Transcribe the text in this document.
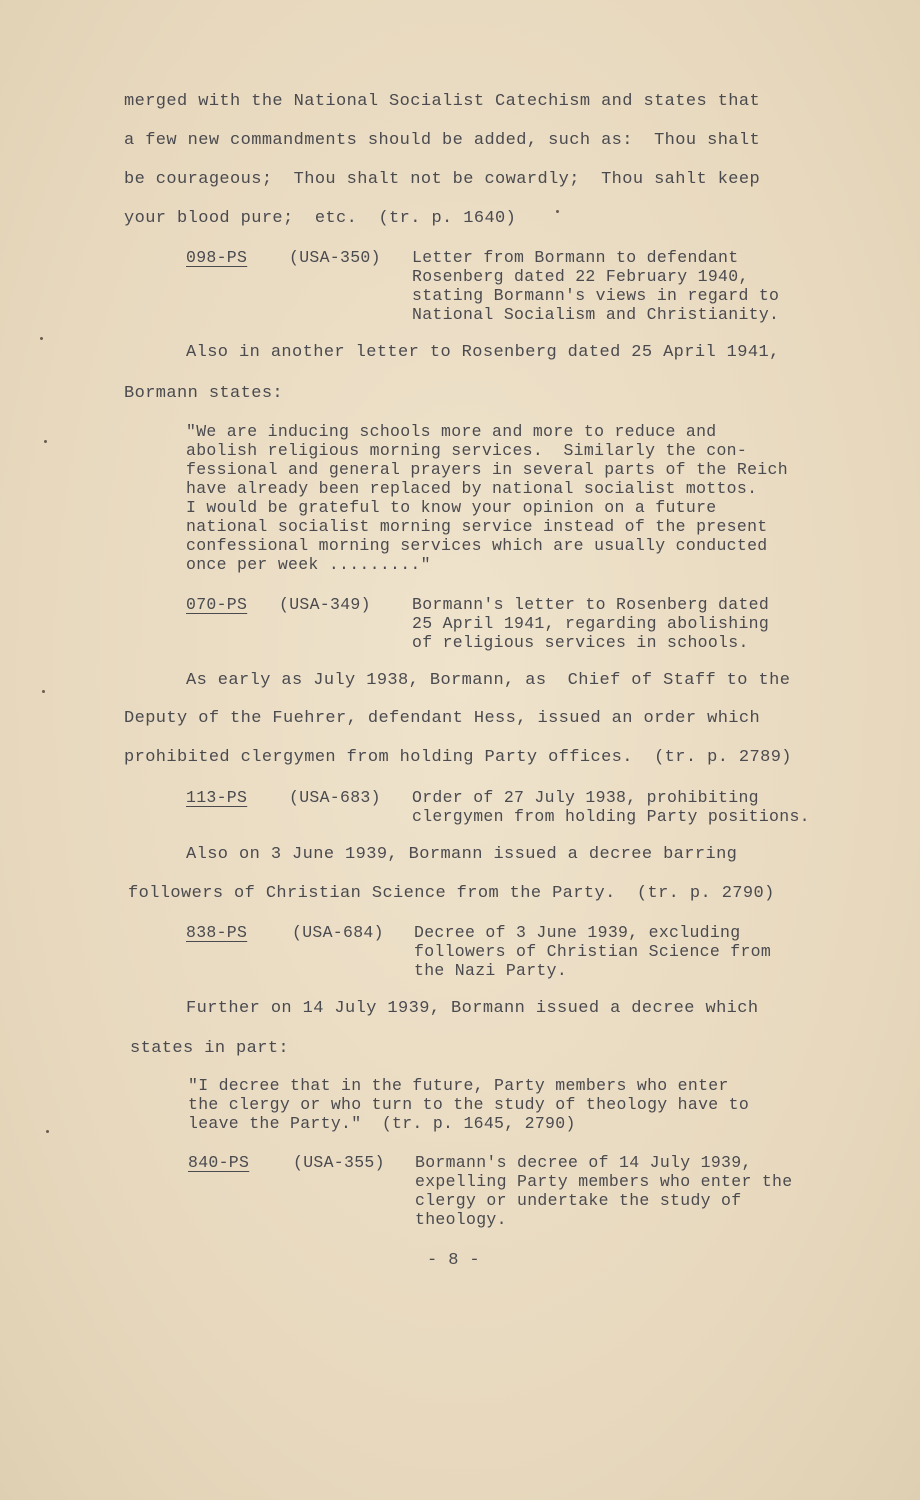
merged with the National Socialist Catechism and states that
a few new commandments should be added, such as:  Thou shalt
be courageous;  Thou shalt not be cowardly;  Thou sahlt keep
your blood pure;  etc.  (tr. p. 1640)
098-PS	(USA-350) Letter from Bormann to defendant
Rosenberg dated 22 February 1940,
stating Bormann's views in regard to
National Socialism and Christianity.
Also in another letter to Rosenberg dated 25 April 1941,
Bormann states:
"We are inducing schools more and more to reduce and
abolish religious morning services.  Similarly the con-
fessional and general prayers in several parts of the Reich
have already been replaced by national socialist mottos.
I would be grateful to know your opinion on a future
national socialist morning service instead of the present
confessional morning services which are usually conducted
once per week ........."
070-PS (USA-349) Bormann's letter to Rosenberg dated
25 April 1941, regarding abolishing
of religious services in schools.
As early as July 1938, Bormann, as  Chief of Staff to the
Deputy of the Fuehrer, defendant Hess, issued an order which
prohibited clergymen from holding Party offices.  (tr. p. 2789)
113-PS	(USA-683) Order of 27 July 1938, prohibiting
clergymen from holding Party positions.
Also on 3 June 1939, Bormann issued a decree barring
followers of Christian Science from the Party.  (tr. p. 2790)
838-PS	(USA-684) Decree of 3 June 1939, excluding
followers of Christian Science from
the Nazi Party.
Further on 14 July 1939, Bormann issued a decree which
states in part:
"I decree that in the future, Party members who enter
the clergy or who turn to the study of theology have to
leave the Party."  (tr. p. 1645, 2790)
840-PS	(USA-355) Bormann's decree of 14 July 1939,
expelling Party members who enter the
clergy or undertake the study of
theology.
- 8 -
